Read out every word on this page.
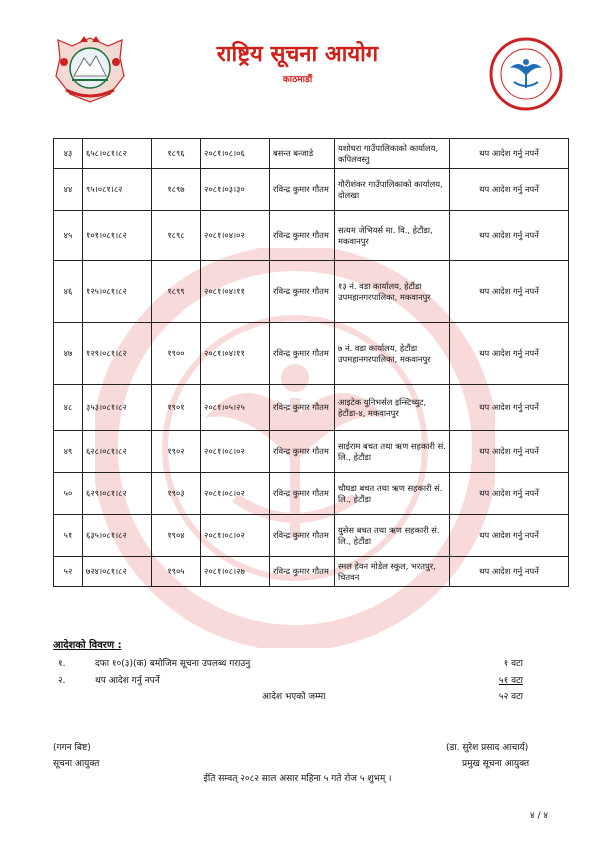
राष्ट्रिय सूचना आयोग
काठमाडौं
४३	६५८।०८१।८२	१८९६	२०८१।०८।०६	बसन्त बन्जाडे	यशोधरा गाउँपालिकाको कार्यालय, कपिलवस्तु	थप आदेश गर्नु नपर्ने
४४	९५।०८१।८२	१८९७	२०८१।०३।३०	रविन्द्र कुमार गौतम	गौरीशंकर गाउँपालिकाको कार्यालय, दोलखा	थप आदेश गर्नु नपर्ने
४५	१०१।०८१।८२	१८९८	२०८१।०४।०२	रविन्द्र कुमार गौतम	सत्यम जेभियर्स मा. वि., हेटौंडा, मकवानपुर	थप आदेश गर्नु नपर्ने
४६	१२५।०८१।८२	१८९९	२०८१।०४।११	रविन्द्र कुमार गौतम	१३ नं. वडा कार्यालय, हेटौंडा उपमहानगरपालिका, मकवानपुर	थप आदेश गर्नु नपर्ने
४७	१२९।०८१।८२	१९००	२०८१।०४।११	रविन्द्र कुमार गौतम	७ नं. वडा कार्यालय, हेटौंडा उपमहानगरपालिका, मकवानपुर	थप आदेश गर्नु नपर्ने
४८	३५३।०८१।८२	१९०१	२०८१।०५।२५	रविन्द्र कुमार गौतम	आइटेक युनिभर्सल इन्स्टिच्युट, हेटौंडा-४, मकवानपुर	थप आदेश गर्नु नपर्ने
४९	६२८।०८१।८२	१९०२	२०८१।०८।०२	रविन्द्र कुमार गौतम	साईराम बचत तथा ऋण सहकारी सं. लि., हेटौंडा	थप आदेश गर्नु नपर्ने
५०	६२९।०८१।८२	१९०३	२०८१।०८।०२	रविन्द्र कुमार गौतम	चौघडा बचत तथा ऋण सहकारी सं. लि., हेटौंडा	थप आदेश गर्नु नपर्ने
५१	६३५।०८१।८२	१९०४	२०८१।०८।०२	रविन्द्र कुमार गौतम	युसेस बचत तथा ऋण सहकारी सं. लि., हेटौंडा	थप आदेश गर्नु नपर्ने
५२	७२४।०८१।८२	१९०५	२०८१।०८।२७	रविन्द्र कुमार गौतम	स्मल हेवन मोडेल स्कूल, भरतपुर, चितवन	थप आदेश गर्नु नपर्ने
आदेशको विवरण :
१.	दफा १०(३)(क) बमोजिम सूचना उपलब्ध गराउनु	१ वटा
२.	थप आदेश गर्नु नपर्ने	५१ वटा
आदेश भएको जम्मा	५२ वटा
(गगन बिष्ट)
सूचना आयुक्त
(डा. सुरेश प्रसाद आचार्य)
प्रमुख सूचना आयुक्त
ईति सम्वत् २०८२ साल असार महिना ५ गते रोज ५ शुभम् ।
४ / ४
